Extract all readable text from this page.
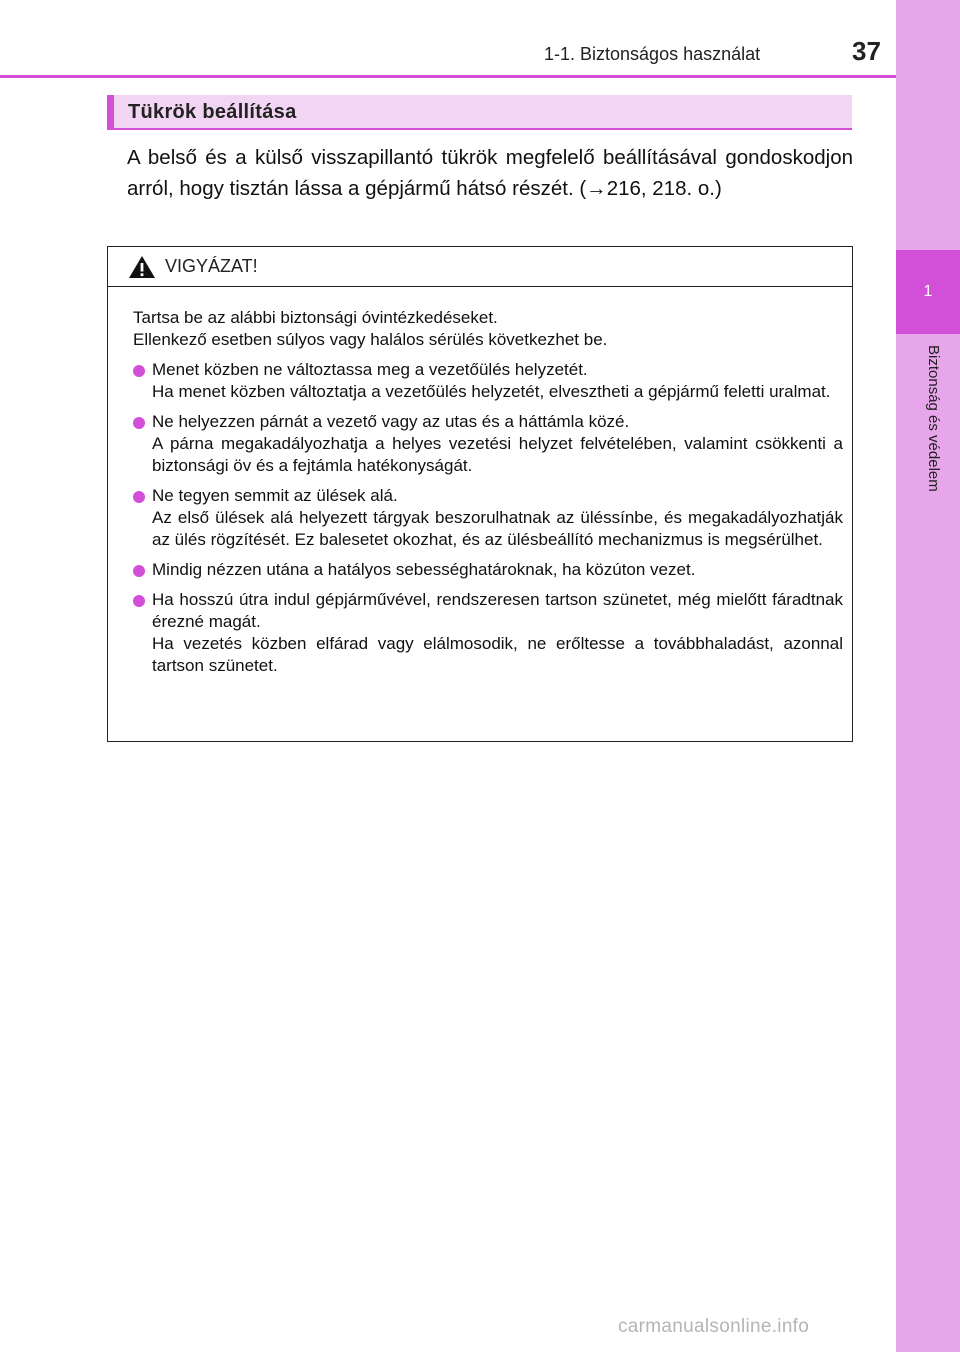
1-1. Biztonságos használat	37
1
Biztonság és védelem
Tükrök beállítása
A belső és a külső visszapillantó tükrök megfelelő beállításával gondoskodjon arról, hogy tisztán lássa a gépjármű hátsó részét. (→216, 218. o.)
VIGYÁZAT!

Tartsa be az alábbi biztonsági óvintézkedéseket.

Ellenkező esetben súlyos vagy halálos sérülés következhet be.

Menet közben ne változtassa meg a vezetőülés helyzetét.
Ha menet közben változtatja a vezetőülés helyzetét, elvesztheti a gépjármű feletti uralmat.
Ne helyezzen párnát a vezető vagy az utas és a háttámla közé.
A párna megakadályozhatja a helyes vezetési helyzet felvételében, valamint csökkenti a biztonsági öv és a fejtámla hatékonyságát.
Ne tegyen semmit az ülések alá.
Az első ülések alá helyezett tárgyak beszorulhatnak az üléssínbe, és megakadályozhatják az ülés rögzítését. Ez balesetet okozhat, és az ülésbeállító mechanizmus is megsérülhet.
Mindig nézzen utána a hatályos sebességhatároknak, ha közúton vezet.
Ha hosszú útra indul gépjárművével, rendszeresen tartson szünetet, még mielőtt fáradtnak érezné magát.
Ha vezetés közben elfárad vagy elálmosodik, ne erőltesse a továbbhaladást, azonnal tartson szünetet.
carmanualsonline.info
